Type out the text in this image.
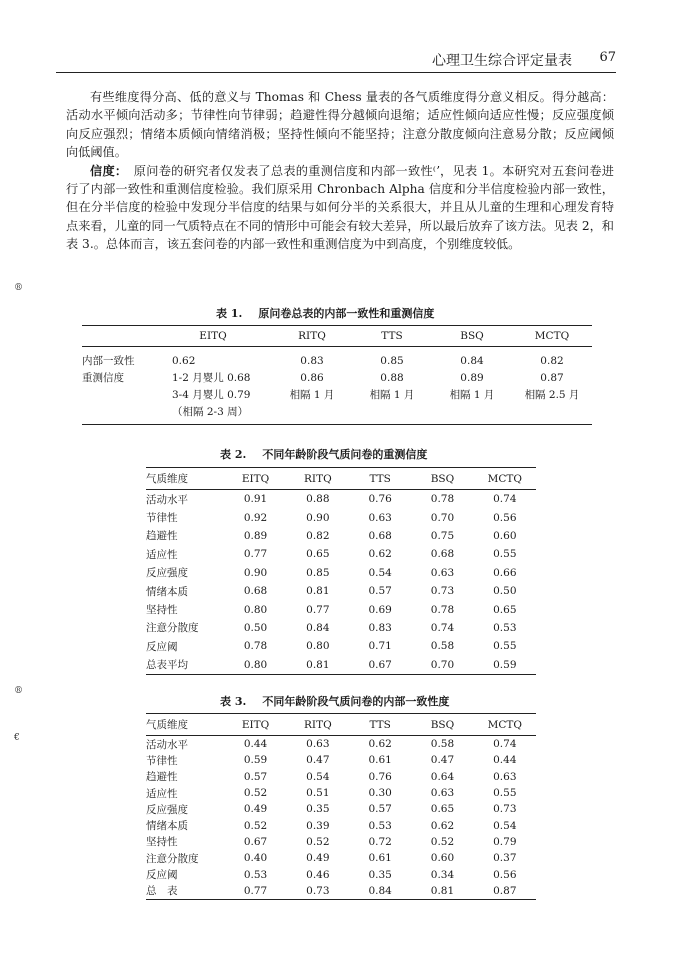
心理卫生综合评定量表 67

有些维度得分高、低的意义与 Thomas 和 Chess 量表的各气质维度得分意义相反。得分越高：活动水平倾向活动多；节律性向节律弱；趋避性得分越倾向退缩；适应性倾向适应性慢；反应强度倾向反应强烈；情绪本质倾向情绪消极；坚持性倾向不能坚持；注意分散度倾向注意易分散；反应阈倾向低阈值。

信度：　 原问卷的研究者仅发表了总表的重测信度和内部一致性⁽ʼ，见表 1。本研究对五套问卷进行了内部一致性和重测信度检验。我们原采用 Chronbach Alpha 信度和分半信度检验内部一致性，但在分半信度的检验中发现分半信度的结果与如何分半的关系很大，并且从儿童的生理和心理发育特点来看，儿童的同一气质特点在不同的情形中可能会有较大差异，所以最后放弃了该方法。见表 2，和表 3.。总体而言，该五套问卷的内部一致性和重测信度为中到高度，个别维度较低。

®
®
€
表 1. 原问卷总表的内部一致性和重测信度
	EITQ	RITQ	TTS	BSQ	MCTQ
内部一致性	0.62	0.83	0.85	0.84	0.82
重测信度	1-2 月婴儿 0.68	0.86	0.88	0.89	0.87
	3-4 月婴儿 0.79	相隔 1 月	相隔 1 月	相隔 1 月	相隔 2.5 月
	（相隔 2-3 周）				
表 2. 不同年龄阶段气质问卷的重测信度
气质维度	EITQ	RITQ	TTS	BSQ	MCTQ
活动水平	0.91	0.88	0.76	0.78	0.74
节律性	0.92	0.90	0.63	0.70	0.56
趋避性	0.89	0.82	0.68	0.75	0.60
适应性	0.77	0.65	0.62	0.68	0.55
反应强度	0.90	0.85	0.54	0.63	0.66
情绪本质	0.68	0.81	0.57	0.73	0.50
坚持性	0.80	0.77	0.69	0.78	0.65
注意分散度	0.50	0.84	0.83	0.74	0.53
反应阈	0.78	0.80	0.71	0.58	0.55
总表平均	0.80	0.81	0.67	0.70	0.59
表 3. 不同年龄阶段气质问卷的内部一致性度
气质维度	EITQ	RITQ	TTS	BSQ	MCTQ
活动水平	0.44	0.63	0.62	0.58	0.74
节律性	0.59	0.47	0.61	0.47	0.44
趋避性	0.57	0.54	0.76	0.64	0.63
适应性	0.52	0.51	0.30	0.63	0.55
反应强度	0.49	0.35	0.57	0.65	0.73
情绪本质	0.52	0.39	0.53	0.62	0.54
坚持性	0.67	0.52	0.72	0.52	0.79
注意分散度	0.40	0.49	0.61	0.60	0.37
反应阈	0.53	0.46	0.35	0.34	0.56
总　表	0.77	0.73	0.84	0.81	0.87
